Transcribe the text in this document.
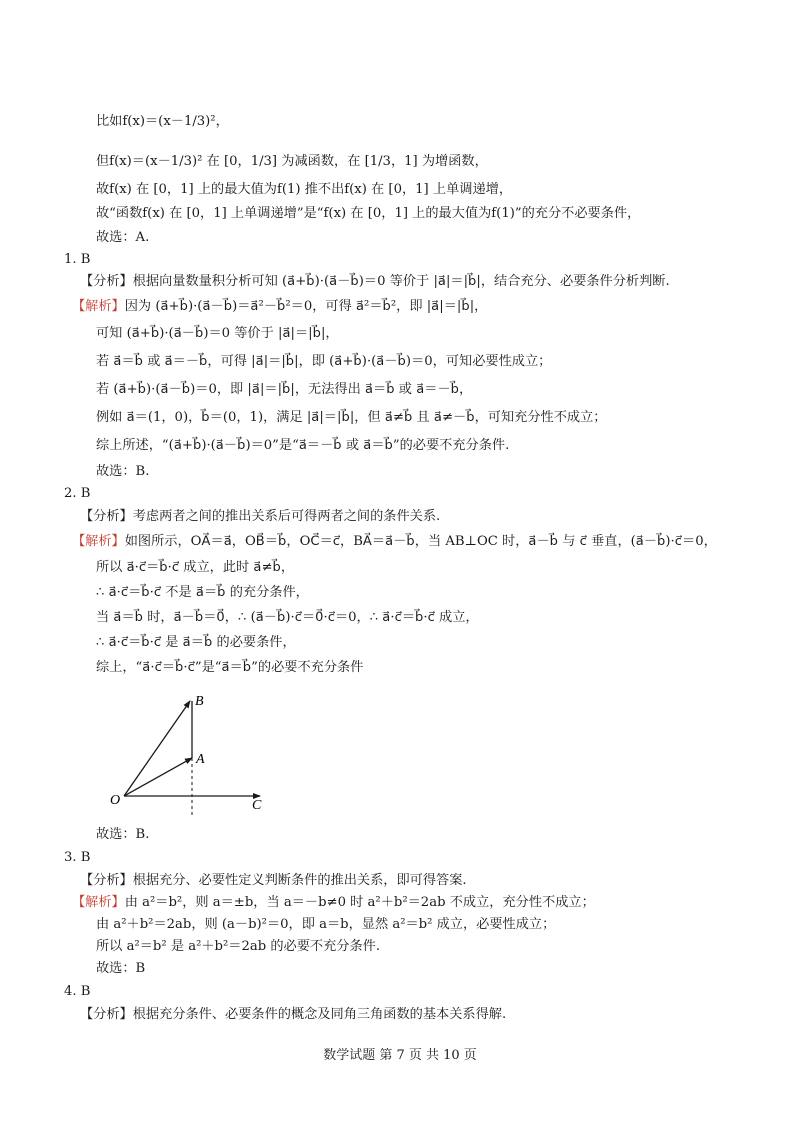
比如f(x)＝(x－1/3)²，
但f(x)＝(x－1/3)² 在 [0，1/3] 为减函数，在 [1/3，1] 为增函数，
故f(x) 在 [0，1] 上的最大值为f(1) 推不出f(x) 在 [0，1] 上单调递增，
故“函数f(x) 在 [0，1] 上单调递增”是“f(x) 在 [0，1] 上的最大值为f(1)”的充分不必要条件，
故选：A.
1. B
【分析】根据向量数量积分析可知 (a⃗+b⃗)·(a⃗－b⃗)＝0 等价于 |a⃗|＝|b⃗|，结合充分、必要条件分析判断.
【解析】因为 (a⃗+b⃗)·(a⃗－b⃗)＝a⃗²－b⃗²＝0，可得 a⃗²＝b⃗²，即 |a⃗|＝|b⃗|，
可知 (a⃗+b⃗)·(a⃗－b⃗)＝0 等价于 |a⃗|＝|b⃗|，
若 a⃗＝b⃗ 或 a⃗＝－b⃗，可得 |a⃗|＝|b⃗|，即 (a⃗+b⃗)·(a⃗－b⃗)＝0，可知必要性成立；
若 (a⃗+b⃗)·(a⃗－b⃗)＝0，即 |a⃗|＝|b⃗|，无法得出 a⃗＝b⃗ 或 a⃗＝－b⃗，
例如 a⃗＝(1，0)，b⃗＝(0，1)，满足 |a⃗|＝|b⃗|，但 a⃗≠b⃗ 且 a⃗≠－b⃗，可知充分性不成立；
综上所述，“(a⃗+b⃗)·(a⃗－b⃗)＝0”是“a⃗＝－b⃗ 或 a⃗＝b⃗”的必要不充分条件.
故选：B.
2. B
【分析】考虑两者之间的推出关系后可得两者之间的条件关系.
【解析】如图所示，OA⃗＝a⃗，OB⃗＝b⃗，OC⃗＝c⃗，BA⃗＝a⃗－b⃗，当 AB⊥OC 时，a⃗－b⃗ 与 c⃗ 垂直，(a⃗－b⃗)·c⃗＝0，
所以 a⃗·c⃗＝b⃗·c⃗ 成立，此时 a⃗≠b⃗，
∴ a⃗·c⃗＝b⃗·c⃗ 不是 a⃗＝b⃗ 的充分条件，
当 a⃗＝b⃗ 时，a⃗－b⃗＝0⃗，∴ (a⃗－b⃗)·c⃗＝0⃗·c⃗＝0，∴ a⃗·c⃗＝b⃗·c⃗ 成立，
∴ a⃗·c⃗＝b⃗·c⃗ 是 a⃗＝b⃗ 的必要条件，
综上，“a⃗·c⃗＝b⃗·c⃗”是“a⃗＝b⃗”的必要不充分条件
B
A
O	C
故选：B.
3. B
【分析】根据充分、必要性定义判断条件的推出关系，即可得答案.
【解析】由 a²＝b²，则 a＝±b，当 a＝－b≠0 时 a²＋b²＝2ab 不成立，充分性不成立；
由 a²＋b²＝2ab，则 (a－b)²＝0，即 a＝b，显然 a²＝b² 成立，必要性成立；
所以 a²＝b² 是 a²＋b²＝2ab 的必要不充分条件.
故选：B
4. B
【分析】根据充分条件、必要条件的概念及同角三角函数的基本关系得解.
数学试题 第 7 页 共 10 页
